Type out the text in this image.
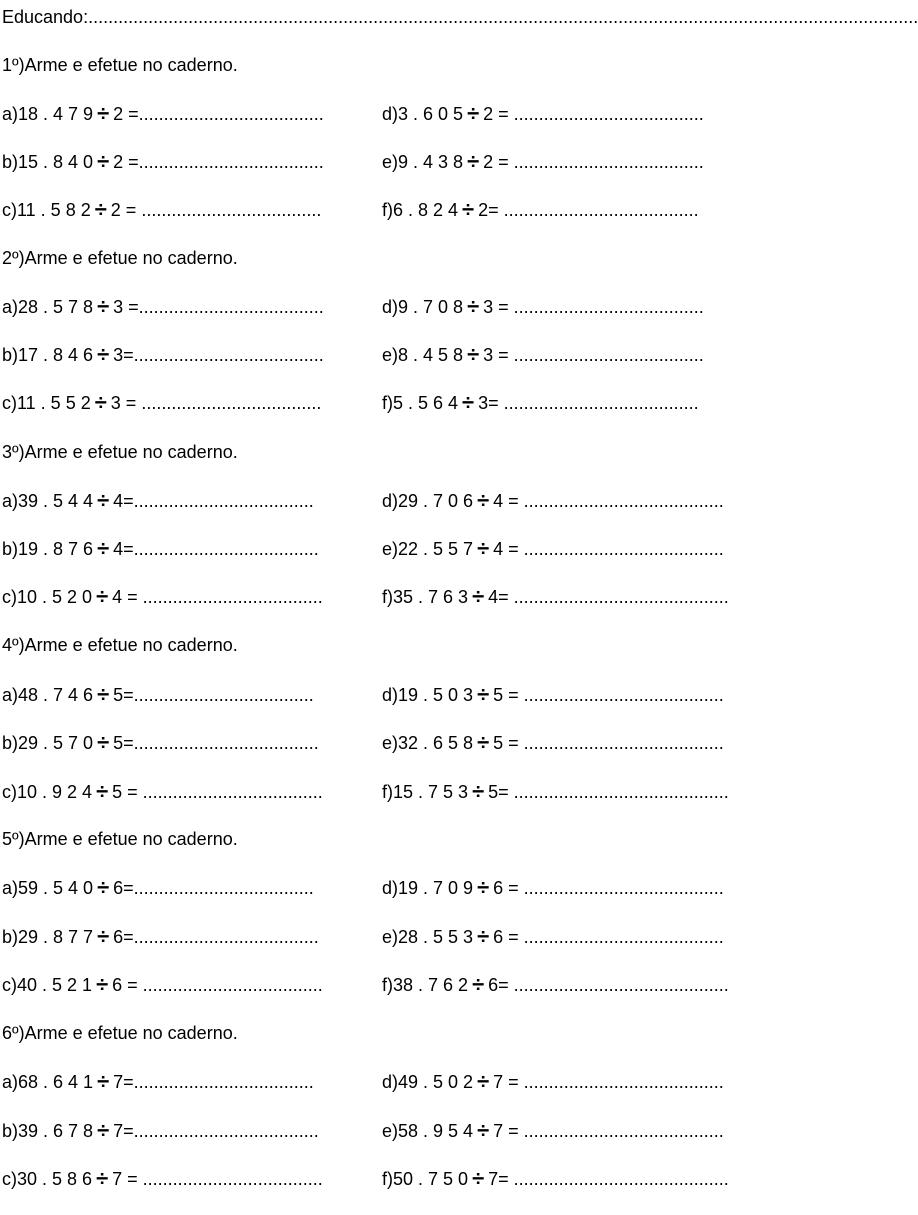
Educando: ......................................................................................................................................................................
1º)Arme e efetue no caderno.
a)18 . 4 7 9 ÷ 2 =.....................................	d)3 . 6 0 5 ÷ 2 = ......................................
b)15 . 8 4 0 ÷ 2 =.....................................	e)9 . 4 3 8 ÷ 2 = ......................................
c)11 . 5 8 2 ÷ 2 = ....................................	f)6 . 8 2 4 ÷ 2= .......................................
2º)Arme e efetue no caderno.
a)28 . 5 7 8 ÷ 3 =.....................................	d)9 . 7 0 8 ÷ 3 = ......................................
b)17 . 8 4 6 ÷ 3=......................................	e)8 . 4 5 8 ÷ 3 = ......................................
c)11 . 5 5 2 ÷ 3 = ....................................	f)5 . 5 6 4 ÷ 3= .......................................
3º)Arme e efetue no caderno.
a)39 . 5 4 4 ÷ 4=....................................	d)29 . 7 0 6 ÷ 4 = ........................................
b)19 . 8 7 6 ÷ 4=.....................................	e)22 . 5 5 7 ÷ 4 = ........................................
c)10 . 5 2 0 ÷ 4 = ....................................	f)35 . 7 6 3 ÷ 4= ...........................................
4º)Arme e efetue no caderno.
a)48 . 7 4 6 ÷ 5=....................................	d)19 . 5 0 3 ÷ 5 = ........................................
b)29 . 5 7 0 ÷ 5=.....................................	e)32 . 6 5 8 ÷ 5 = ........................................
c)10 . 9 2 4 ÷ 5 = ....................................	f)15 . 7 5 3 ÷ 5= ...........................................
5º)Arme e efetue no caderno.
a)59 . 5 4 0 ÷ 6=....................................	d)19 . 7 0 9 ÷ 6 = ........................................
b)29 . 8 7 7 ÷ 6=.....................................	e)28 . 5 5 3 ÷ 6 = ........................................
c)40 . 5 2 1 ÷ 6 = ....................................	f)38 . 7 6 2 ÷ 6= ...........................................
6º)Arme e efetue no caderno.
a)68 . 6 4 1 ÷ 7=....................................	d)49 . 5 0 2 ÷ 7 = ........................................
b)39 . 6 7 8 ÷ 7=.....................................	e)58 . 9 5 4 ÷ 7 = ........................................
c)30 . 5 8 6 ÷ 7 = ....................................	f)50 . 7 5 0 ÷ 7= ...........................................
